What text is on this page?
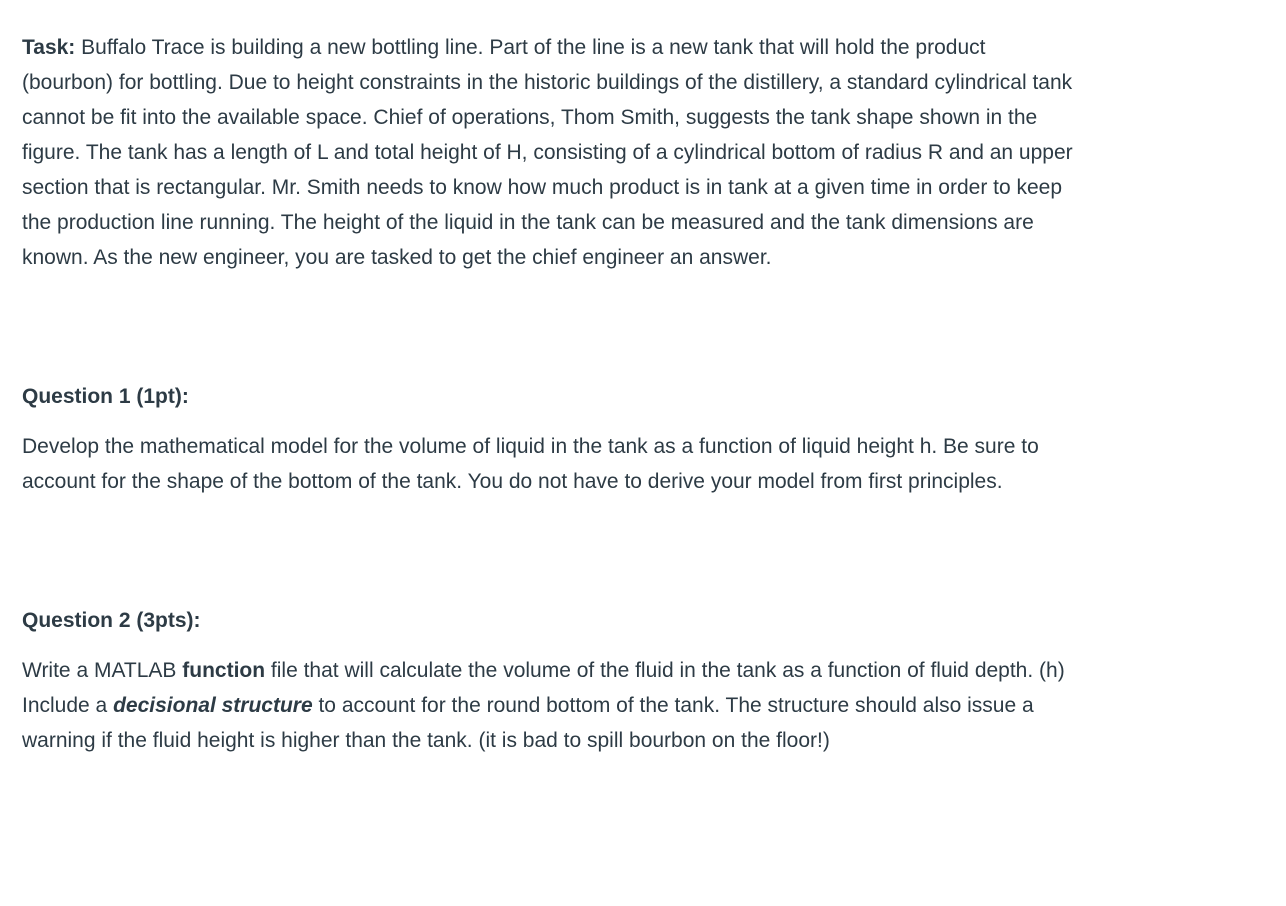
Task: Buffalo Trace is building a new bottling line. Part of the line is a new tank that will hold the product (bourbon) for bottling. Due to height constraints in the historic buildings of the distillery, a standard cylindrical tank cannot be fit into the available space. Chief of operations, Thom Smith, suggests the tank shape shown in the figure. The tank has a length of L and total height of H, consisting of a cylindrical bottom of radius R and an upper section that is rectangular. Mr. Smith needs to know how much product is in tank at a given time in order to keep the production line running. The height of the liquid in the tank can be measured and the tank dimensions are known. As the new engineer, you are tasked to get the chief engineer an answer.

Question 1 (1pt):

Develop the mathematical model for the volume of liquid in the tank as a function of liquid height h. Be sure to account for the shape of the bottom of the tank. You do not have to derive your model from first principles.

Question 2 (3pts):

Write a MATLAB function file that will calculate the volume of the fluid in the tank as a function of fluid depth. (h) Include a decisional structure to account for the round bottom of the tank. The structure should also issue a warning if the fluid height is higher than the tank. (it is bad to spill bourbon on the floor!)
